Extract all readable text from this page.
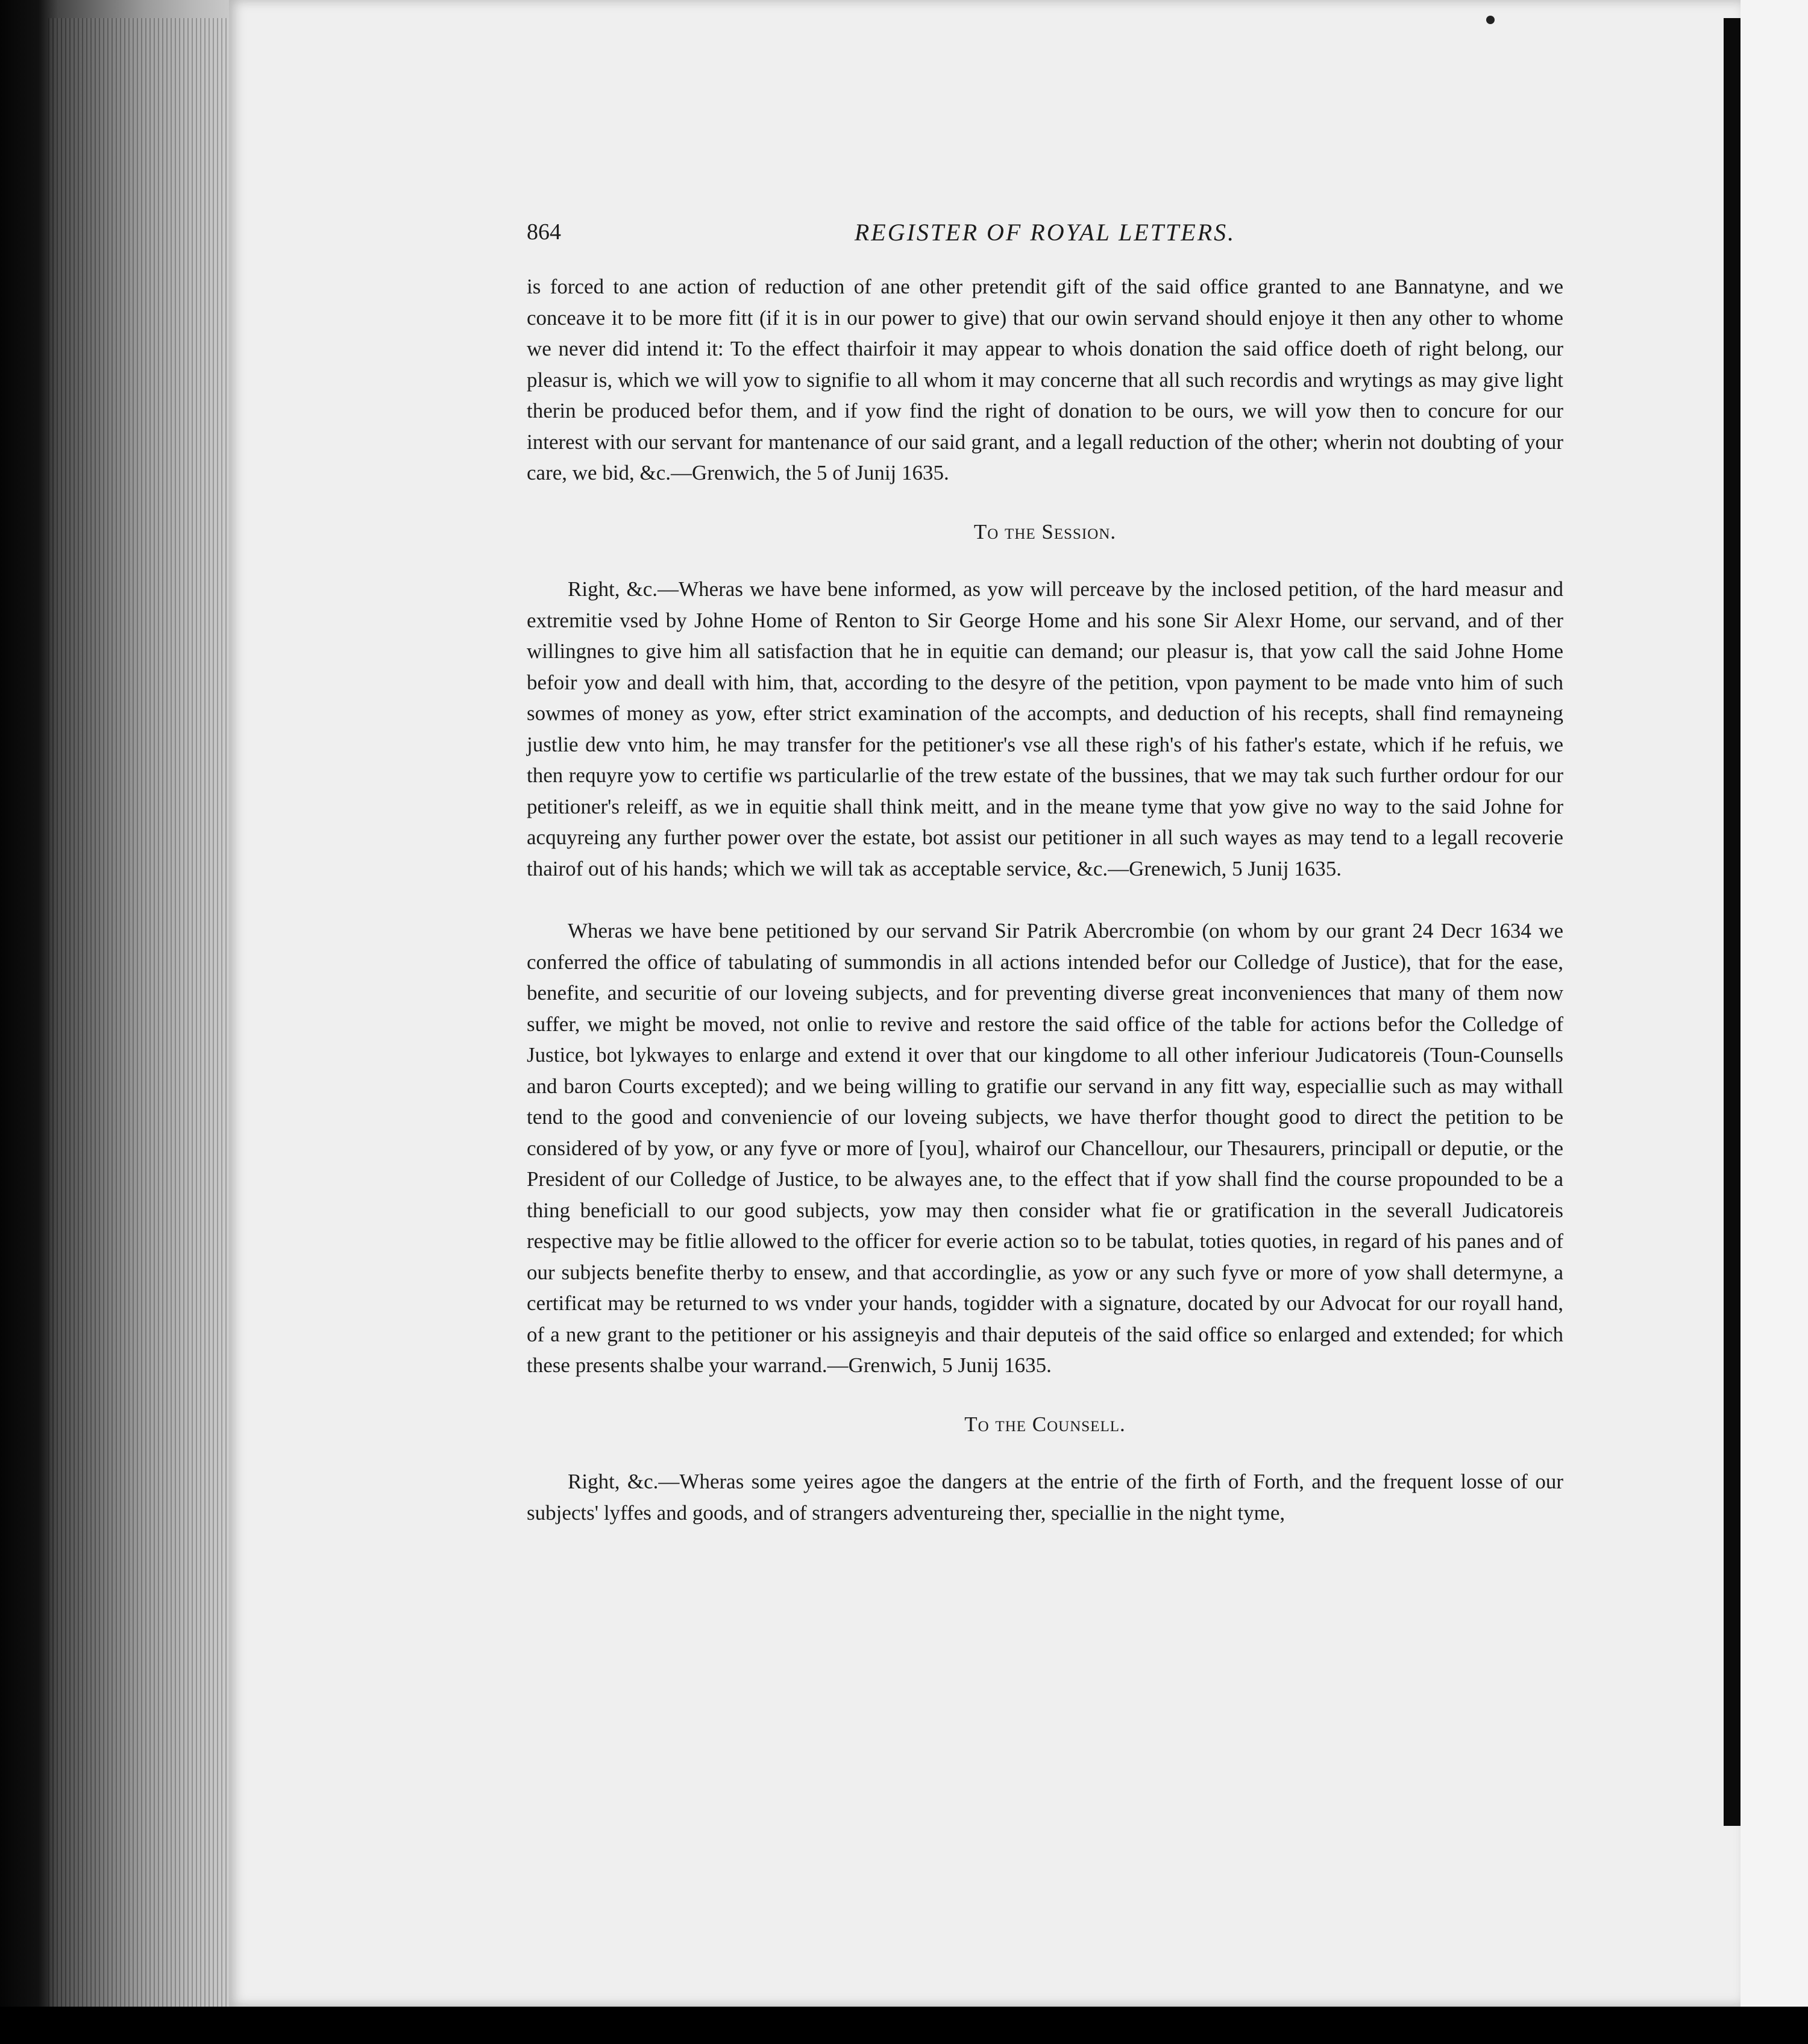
864	REGISTER OF ROYAL LETTERS.

is forced to ane action of reduction of ane other pretendit gift of the said office granted to ane Bannatyne, and we conceave it to be more fitt (if it is in our power to give) that our owin servand should enjoye it then any other to whome we never did intend it: To the effect thairfoir it may appear to whois donation the said office doeth of right belong, our pleasur is, which we will yow to signifie to all whom it may concerne that all such recordis and wrytings as may give light therin be produced befor them, and if yow find the right of donation to be ours, we will yow then to concure for our interest with our servant for mantenance of our said grant, and a legall reduction of the other; wherin not doubting of your care, we bid, &c.—Grenwich, the 5 of Junij 1635.

To the Session.

Right, &c.—Wheras we have bene informed, as yow will perceave by the inclosed petition, of the hard measur and extremitie vsed by Johne Home of Renton to Sir George Home and his sone Sir Alexr Home, our servand, and of ther willingnes to give him all satisfaction that he in equitie can demand; our pleasur is, that yow call the said Johne Home befoir yow and deall with him, that, according to the desyre of the petition, vpon payment to be made vnto him of such sowmes of money as yow, efter strict examination of the accompts, and deduction of his recepts, shall find remayneing justlie dew vnto him, he may transfer for the petitioner's vse all these righ's of his father's estate, which if he refuis, we then requyre yow to certifie ws particularlie of the trew estate of the bussines, that we may tak such further ordour for our petitioner's releiff, as we in equitie shall think meitt, and in the meane tyme that yow give no way to the said Johne for acquyreing any further power over the estate, bot assist our petitioner in all such wayes as may tend to a legall recoverie thairof out of his hands; which we will tak as acceptable service, &c.—Grenewich, 5 Junij 1635.

Wheras we have bene petitioned by our servand Sir Patrik Abercrombie (on whom by our grant 24 Decr 1634 we conferred the office of tabulating of summondis in all actions intended befor our Colledge of Justice), that for the ease, benefite, and securitie of our loveing subjects, and for preventing diverse great inconveniences that many of them now suffer, we might be moved, not onlie to revive and restore the said office of the table for actions befor the Colledge of Justice, bot lykwayes to enlarge and extend it over that our kingdome to all other inferiour Judicatoreis (Toun-Counsells and baron Courts excepted); and we being willing to gratifie our servand in any fitt way, especiallie such as may withall tend to the good and conveniencie of our loveing subjects, we have therfor thought good to direct the petition to be considered of by yow, or any fyve or more of [you], whairof our Chancellour, our Thesaurers, principall or deputie, or the President of our Colledge of Justice, to be alwayes ane, to the effect that if yow shall find the course propounded to be a thing beneficiall to our good subjects, yow may then consider what fie or gratification in the severall Judicatoreis respective may be fitlie allowed to the officer for everie action so to be tabulat, toties quoties, in regard of his panes and of our subjects benefite therby to ensew, and that accordinglie, as yow or any such fyve or more of yow shall determyne, a certificat may be returned to ws vnder your hands, togidder with a signature, docated by our Advocat for our royall hand, of a new grant to the petitioner or his assigneyis and thair deputeis of the said office so enlarged and extended; for which these presents shalbe your warrand.—Grenwich, 5 Junij 1635.

To the Counsell.

Right, &c.—Wheras some yeires agoe the dangers at the entrie of the firth of Forth, and the frequent losse of our subjects' lyffes and goods, and of strangers adventureing ther, speciallie in the night tyme,
